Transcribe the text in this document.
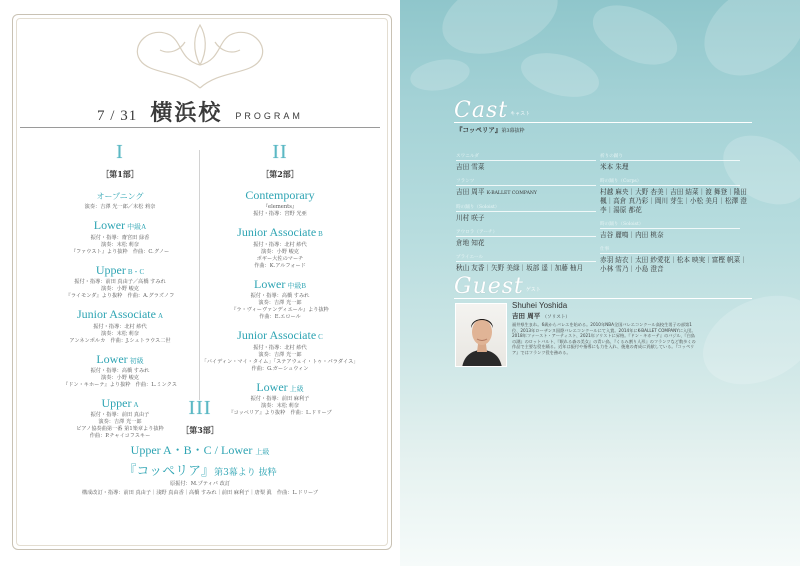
7 / 31 横浜校 PROGRAM
I
［ 第1部 ］
オープニング
演奏：吉澤 光一郎／末松 莉奈
Lower 中級A
振付・指導：齋宮田 緑香
演奏：末松 莉奈
『ファウスト』より抜粋　作曲：C.グノー
Upper B・C
振付・指導：前田 真由子／高橋 すみれ
演奏：小野 峻克
『ライモンダ』より抜粋　作曲：A.グラズノフ
Junior Associate A
振付・指導：北村 紗代
演奏：末松 莉奈
アンネンポルカ　作曲：J.シュトラウス二世
Lower 初級
振付・指導：高橋 すみれ
演奏：小野 峻克
『ドン・キホーテ』より抜粋　作曲：L.ミンクス
Upper A
振付・指導：前田 真由子
演奏：吉澤 光一郎
ピアノ協奏曲第一番 第1楽章より抜粋
作曲：P.チャイコフスキー
II
［ 第2部 ］
Contemporary
『elements』
振付・指導：宮野 光亜
Junior Associate B
振付・指導：北村 紗代
演奏：小野 峻克
ボギー大佐のマーチ
作曲：K.アルフォード
Lower 中級B
振付・指導：高橋 すみれ
演奏：吉澤 光一郎
『ラ・ヴィーヴァンディエール』より抜粋
作曲：E.エロール
Junior Associate C
振付・指導：北村 紗代
演奏：吉澤 光一郎
「バイディン・マイ・タイム」「ステアウェイ・トゥ・パラダイス」
作曲：G.ガーシュウィン
Lower 上級
振付・指導：前田 麻利子
演奏：末松 莉奈
『コッペリア』より抜粋　作曲：L.ドリーブ
III
［ 第3部 ］
Upper A・B・C / Lower 上級
『コッペリア』第3幕より 抜粋
原振付：M.プティパ 改訂
構成改訂・指導：前田 真由子｜浅野 真由香｜高橋 すみれ｜前田 麻利子｜唐梨 眞　作曲：L.ドリーブ
Cast キャスト
『コッペリア』第3幕抜粋
スワニルダ
吉田 雪菜
フランツ
吉田 周平 K-BALLET COMPANY
時の踊り（Soloist）
川村 咲子
アウロラ（アーチ）
倉地 知花
プライエール
秋山 友香｜矢野 美緑｜坂部 遥｜加藤 柚月
祈りの踊り
米本 朱理
時の踊り（Corps）
村越 麻央｜大野 杏美｜吉田 結菜｜渡 舞登｜隆田 楓｜高倉 真乃彩｜岡川 芽生｜小松 美月｜松澤 澄李｜湯原 都花
時の踊り（Soloist）
吉谷 麗鳴｜内田 桃奈
仕事
赤羽 結衣｜太田 紗愛花｜松本 映実｜富樫 帆菜｜小林 雪乃｜小島 澄音
Guest ゲスト
Shuhei Yoshida
吉田 周平 （ソリスト）
福井県生まれ。6歳からバレエを始める。2010年NBA全国バレエコンクール高校生男子の部第1位、2013年ローザンヌ国際バレエコンクールにて入賞。2014年にK-BALLET COMPANYに入団。2018年ファースト・アーティスト、2021年ソリストに昇格。『ドン・キホーテ』のバジル、『白鳥の湖』のロットバルト、『眠れる森の美女』の青い鳥、『くるみ割り人形』のフランツなど数多くの作品で主要な役を踊る。近年は振付や指導にも力を入れ、後進の育成に貢献している。『コッペリア』ではフランツ役を務める。
